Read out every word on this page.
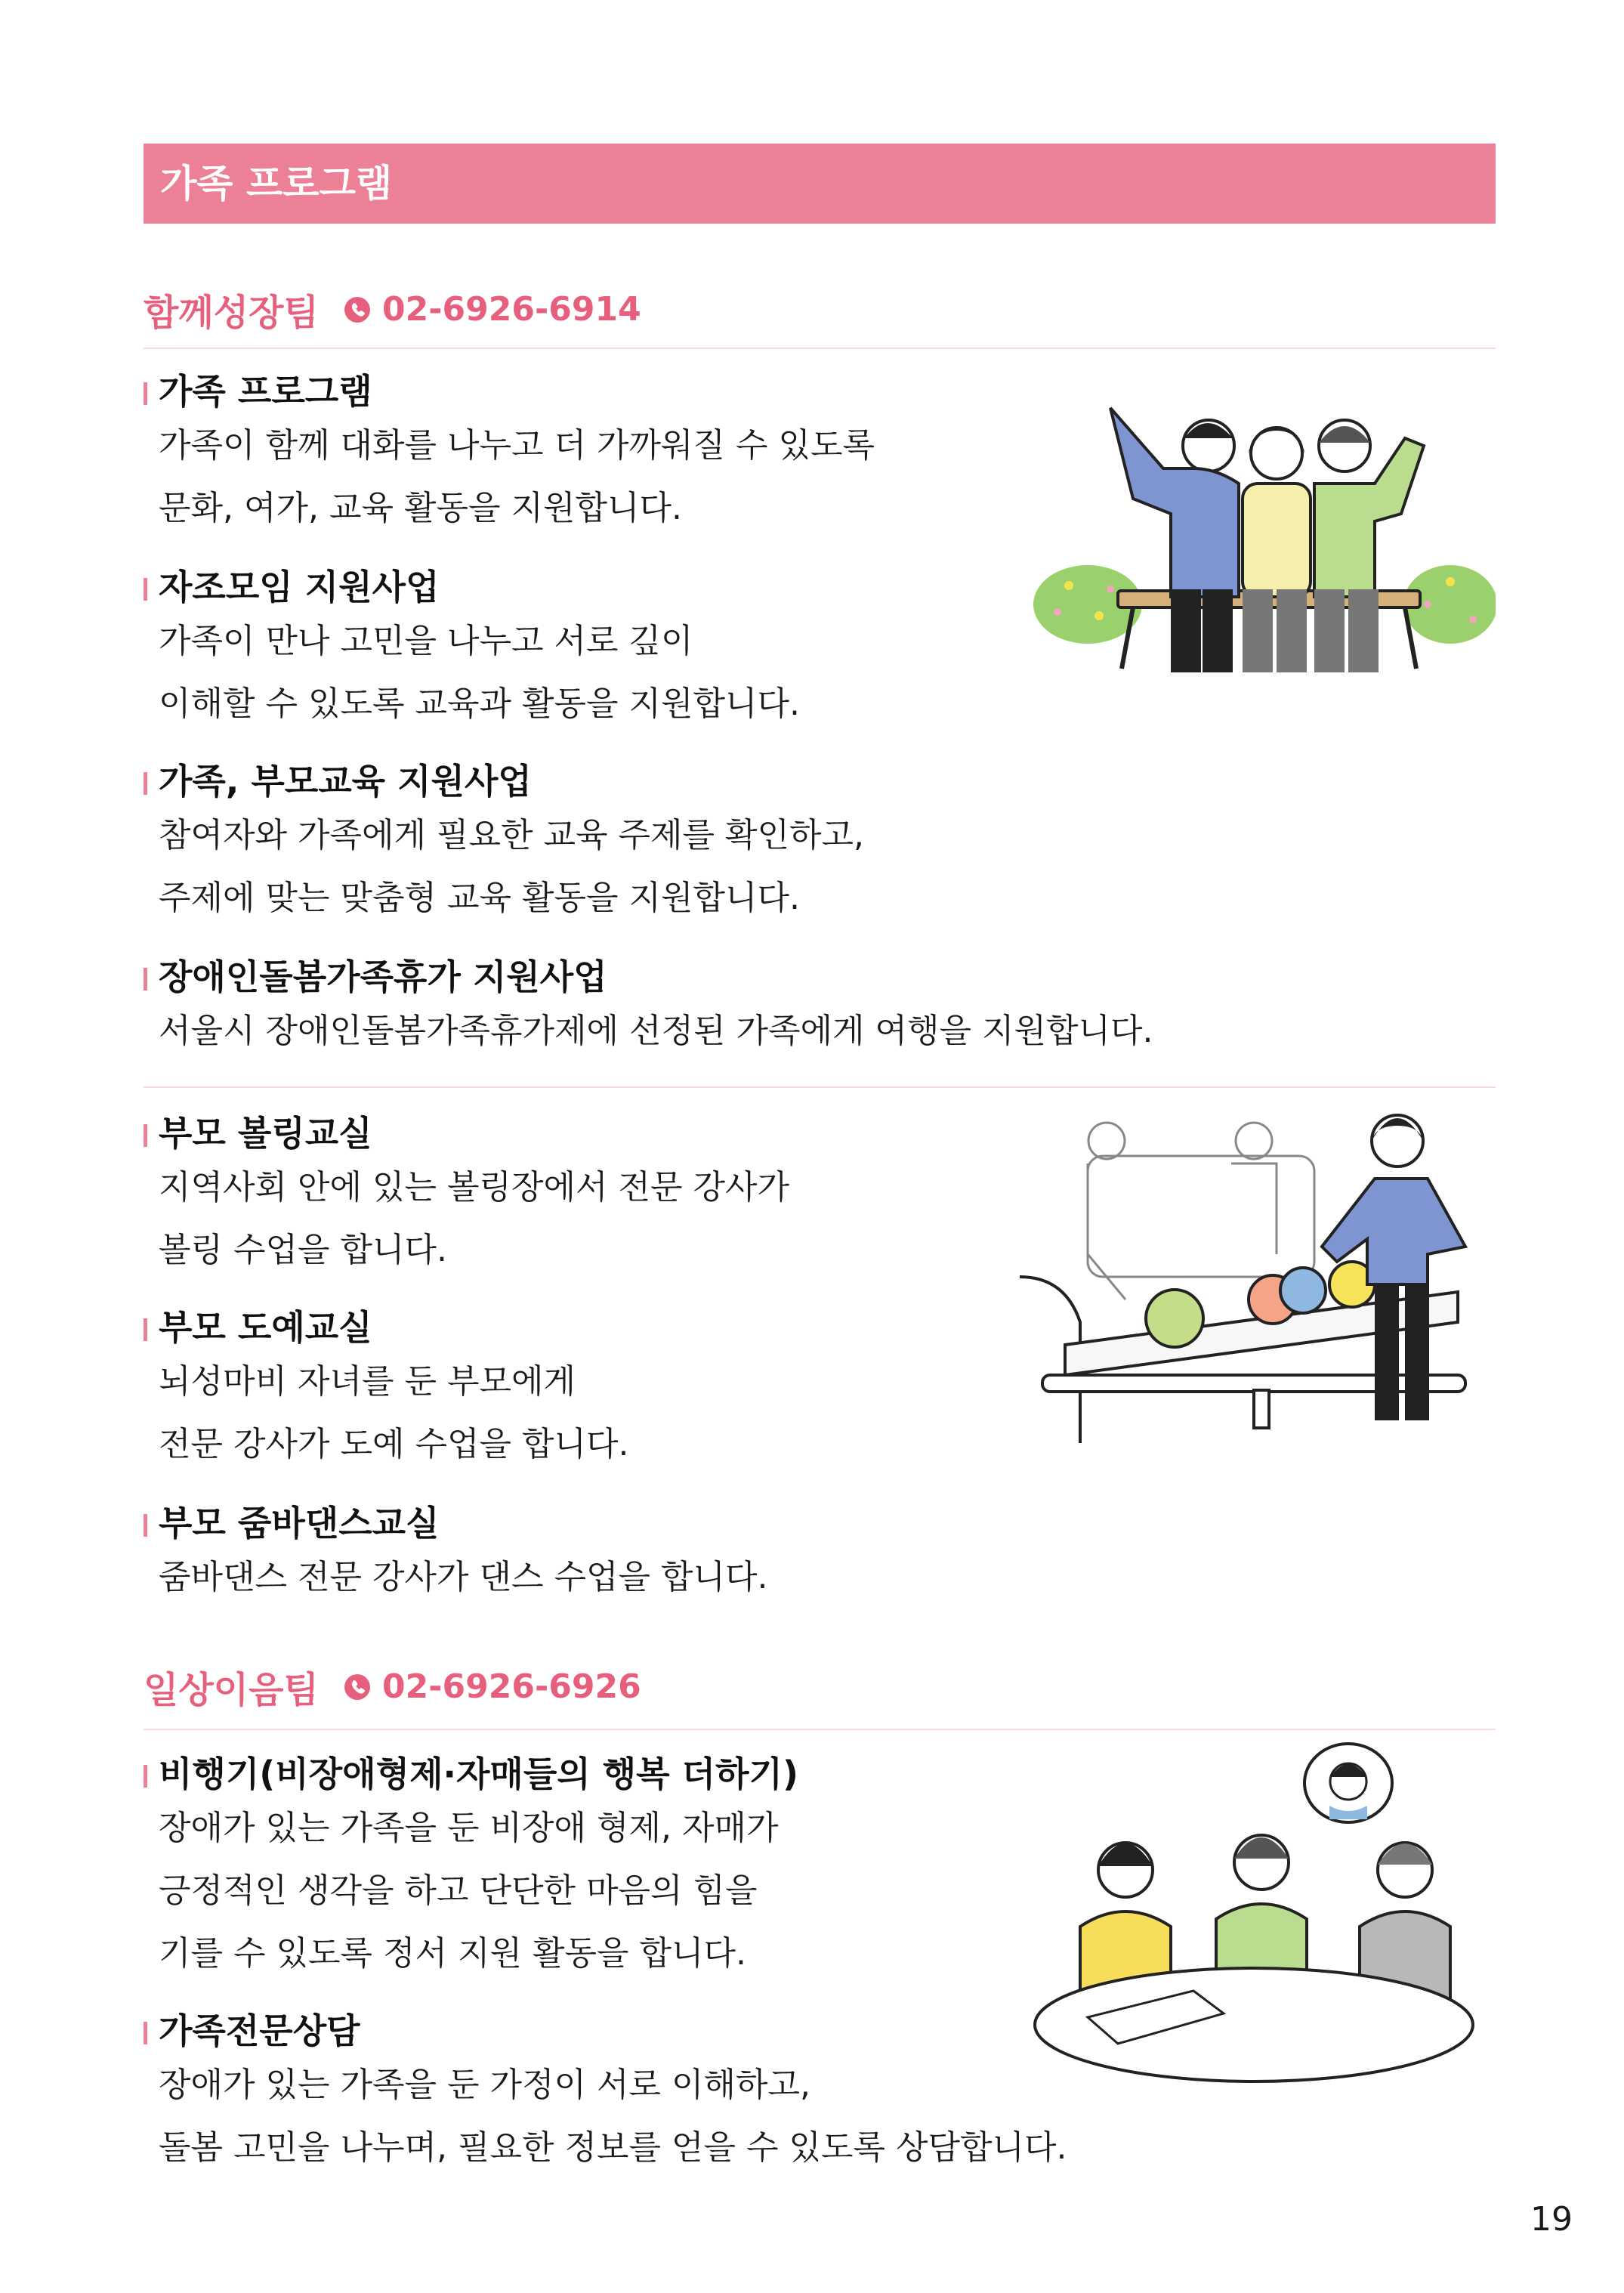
가족 프로그램
함께성장팀 02-6926-6914
가족 프로그램
가족이 함께 대화를 나누고 더 가까워질 수 있도록
문화, 여가, 교육 활동을 지원합니다.
자조모임 지원사업
가족이 만나 고민을 나누고 서로 깊이
이해할 수 있도록 교육과 활동을 지원합니다.
가족, 부모교육 지원사업
참여자와 가족에게 필요한 교육 주제를 확인하고,
주제에 맞는 맞춤형 교육 활동을 지원합니다.
장애인돌봄가족휴가 지원사업
서울시 장애인돌봄가족휴가제에 선정된 가족에게 여행을 지원합니다.
부모 볼링교실
지역사회 안에 있는 볼링장에서 전문 강사가
볼링 수업을 합니다.
부모 도예교실
뇌성마비 자녀를 둔 부모에게
전문 강사가 도예 수업을 합니다.
부모 줌바댄스교실
줌바댄스 전문 강사가 댄스 수업을 합니다.
일상이음팀 02-6926-6926
비행기(비장애형제·자매들의 행복 더하기)
장애가 있는 가족을 둔 비장애 형제, 자매가
긍정적인 생각을 하고 단단한 마음의 힘을
기를 수 있도록 정서 지원 활동을 합니다.
가족전문상담
장애가 있는 가족을 둔 가정이 서로 이해하고,
돌봄 고민을 나누며, 필요한 정보를 얻을 수 있도록 상담합니다.
19
